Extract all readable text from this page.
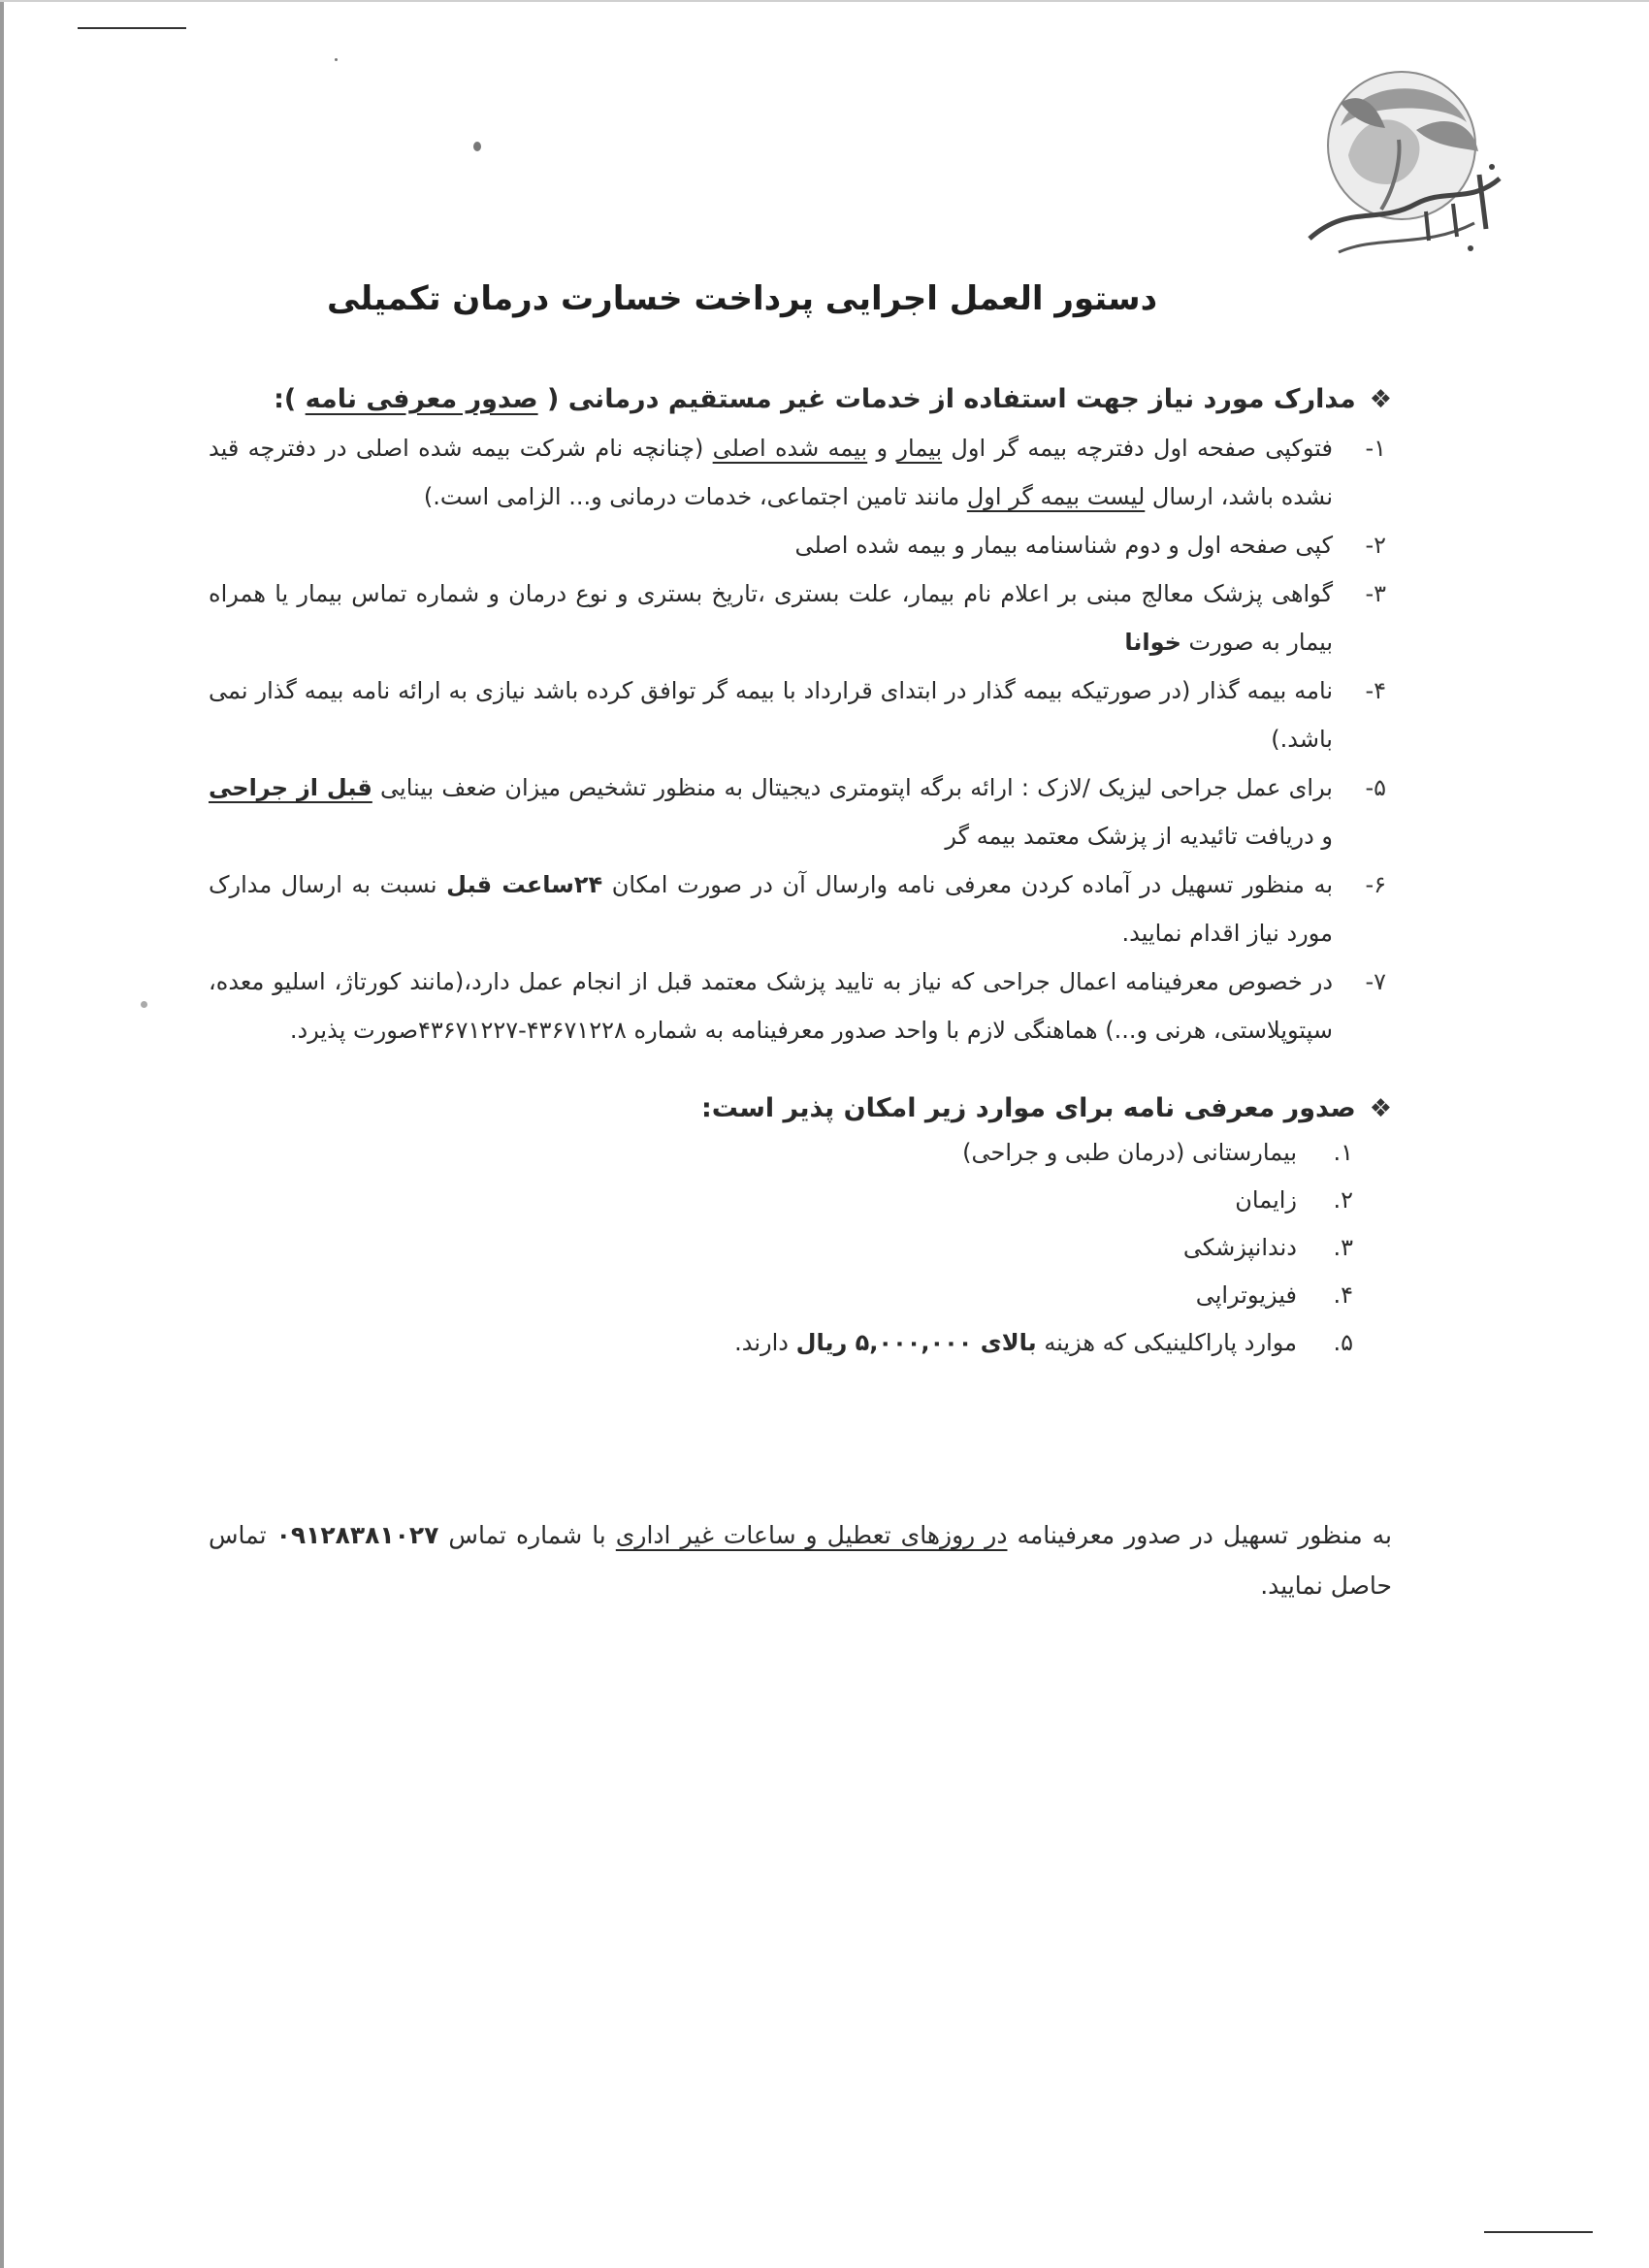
دستور العمل اجرایی پرداخت خسارت درمان تکمیلی
❖
مدارک مورد نیاز جهت استفاده از خدمات غیر مستقیم درمانی ( صدور معرفی نامه ):
۱-
فتوکپی صفحه اول دفترچه بیمه گر اول بیمار و بیمه شده اصلی (چنانچه نام شرکت بیمه شده اصلی در دفترچه قید نشده باشد، ارسال لیست بیمه گر اول مانند تامین اجتماعی، خدمات درمانی و... الزامی است.)
۲-
کپی صفحه اول و دوم شناسنامه بیمار و بیمه شده اصلی
۳-
گواهی پزشک معالج مبنی بر اعلام نام بیمار، علت بستری ،تاریخ بستری و نوع درمان و شماره تماس بیمار یا همراه بیمار به صورت خوانا
۴-
نامه بیمه گذار (در صورتیکه بیمه گذار در ابتدای قرارداد با بیمه گر توافق کرده باشد نیازی به ارائه نامه بیمه گذار نمی باشد.)
۵-
برای عمل جراحی لیزیک /لازک : ارائه برگه اپتومتری دیجیتال به منظور تشخیص میزان ضعف بینایی قبل از جراحی و دریافت تائیدیه از پزشک معتمد بیمه گر
۶-
به منظور تسهیل در آماده کردن معرفی نامه وارسال آن در صورت امکان ۲۴ساعت قبل نسبت به ارسال مدارک مورد نیاز اقدام نمایید.
۷-
در خصوص معرفینامه اعمال جراحی که نیاز به تایید پزشک معتمد قبل از انجام عمل دارد،(مانند کورتاژ، اسلیو معده، سپتوپلاستی، هرنی و...) هماهنگی لازم با واحد صدور معرفینامه به شماره ۴۳۶۷۱۲۲۸-۴۳۶۷۱۲۲۷صورت پذیرد.
❖
صدور معرفی نامه برای موارد زیر امکان پذیر است:
۱.
بیمارستانی (درمان طبی و جراحی)
۲.
زایمان
۳.
دندانپزشکی
۴.
فیزیوتراپی
۵.
موارد پاراکلینیکی که هزینه بالای ۵,۰۰۰,۰۰۰ ریال دارند.
به منظور تسهیل در صدور معرفینامه در روزهای تعطیل و ساعات غیر اداری با شماره تماس ۰۹۱۲۸۳۸۱۰۲۷ تماس حاصل نمایید.
